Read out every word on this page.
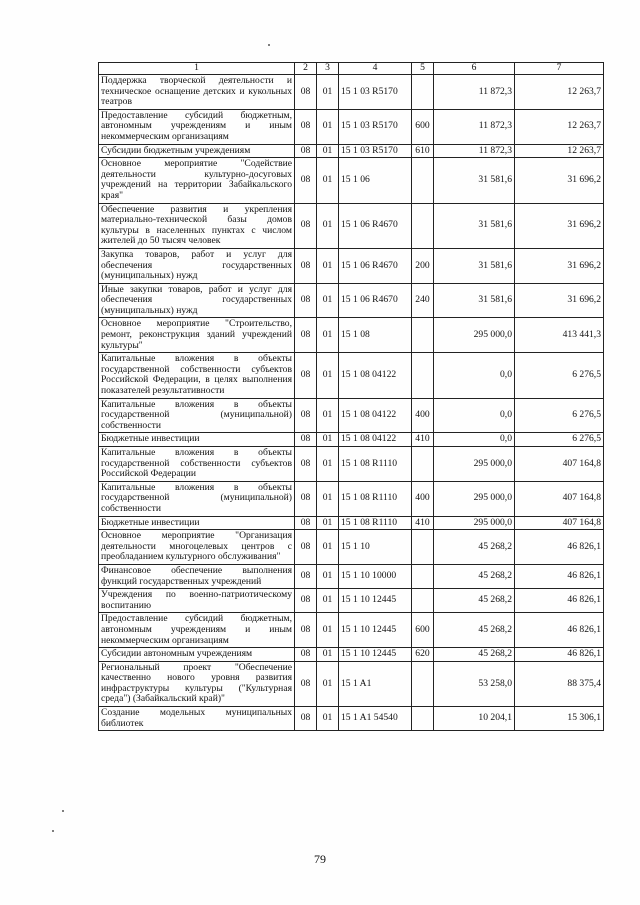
1	2	3	4	5	6	7
Поддержка творческой деятельности и техническое оснащение детских и кукольных театров	08	01	15 1 03 R5170		11 872,3	12 263,7
Предоставление субсидий бюджетным, автономным учреждениям и иным некоммерческим организациям	08	01	15 1 03 R5170	600	11 872,3	12 263,7
Субсидии бюджетным учреждениям	08	01	15 1 03 R5170	610	11 872,3	12 263,7
Основное мероприятие "Содействие деятельности культурно-досуговых учреждений на территории Забайкальского края"	08	01	15 1 06		31 581,6	31 696,2
Обеспечение развития и укрепления материально-технической базы домов культуры в населенных пунктах с числом жителей до 50 тысяч человек	08	01	15 1 06 R4670		31 581,6	31 696,2
Закупка товаров, работ и услуг для обеспечения государственных (муниципальных) нужд	08	01	15 1 06 R4670	200	31 581,6	31 696,2
Иные закупки товаров, работ и услуг для обеспечения государственных (муниципальных) нужд	08	01	15 1 06 R4670	240	31 581,6	31 696,2
Основное мероприятие "Строительство, ремонт, реконструкция зданий учреждений культуры"	08	01	15 1 08		295 000,0	413 441,3
Капитальные вложения в объекты государственной собственности субъектов Российской Федерации, в целях выполнения показателей результативности	08	01	15 1 08 04122		0,0	6 276,5
Капитальные вложения в объекты государственной (муниципальной) собственности	08	01	15 1 08 04122	400	0,0	6 276,5
Бюджетные инвестиции	08	01	15 1 08 04122	410	0,0	6 276,5
Капитальные вложения в объекты государственной собственности субъектов Российской Федерации	08	01	15 1 08 R1110		295 000,0	407 164,8
Капитальные вложения в объекты государственной (муниципальной) собственности	08	01	15 1 08 R1110	400	295 000,0	407 164,8
Бюджетные инвестиции	08	01	15 1 08 R1110	410	295 000,0	407 164,8
Основное мероприятие "Организация деятельности многоцелевых центров с преобладанием культурного обслуживания"	08	01	15 1 10		45 268,2	46 826,1
Финансовое обеспечение выполнения функций государственных учреждений	08	01	15 1 10 10000		45 268,2	46 826,1
Учреждения по военно-патриотическому воспитанию	08	01	15 1 10 12445		45 268,2	46 826,1
Предоставление субсидий бюджетным, автономным учреждениям и иным некоммерческим организациям	08	01	15 1 10 12445	600	45 268,2	46 826,1
Субсидии автономным учреждениям	08	01	15 1 10 12445	620	45 268,2	46 826,1
Региональный проект "Обеспечение качественно нового уровня развития инфраструктуры культуры ("Культурная среда") (Забайкальский край)"	08	01	15 1 A1		53 258,0	88 375,4
Создание модельных муниципальных библиотек	08	01	15 1 A1 54540		10 204,1	15 306,1
79
